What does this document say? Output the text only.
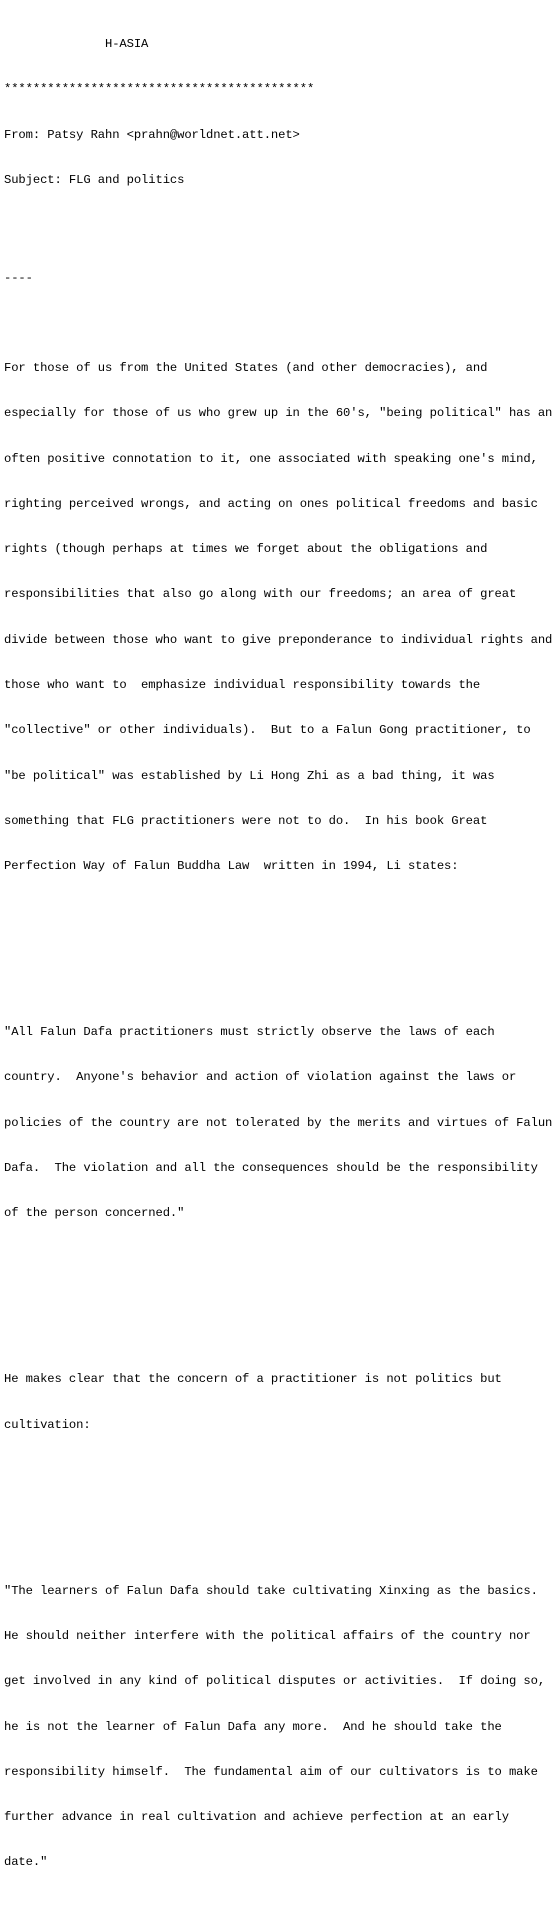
H-ASIA

*******************************************

From: Patsy Rahn <prahn@worldnet.att.net>

Subject: FLG and politics

----

For those of us from the United States (and other democracies), and

especially for those of us who grew up in the 60's, "being political" has an

often positive connotation to it, one associated with speaking one's mind,

righting perceived wrongs, and acting on ones political freedoms and basic

rights (though perhaps at times we forget about the obligations and

responsibilities that also go along with our freedoms; an area of great

divide between those who want to give preponderance to individual rights and

those who want to  emphasize individual responsibility towards the

"collective" or other individuals).  But to a Falun Gong practitioner, to

"be political" was established by Li Hong Zhi as a bad thing, it was

something that FLG practitioners were not to do.  In his book Great

Perfection Way of Falun Buddha Law  written in 1994, Li states:

"All Falun Dafa practitioners must strictly observe the laws of each

country.  Anyone's behavior and action of violation against the laws or

policies of the country are not tolerated by the merits and virtues of Falun

Dafa.  The violation and all the consequences should be the responsibility

of the person concerned."

He makes clear that the concern of a practitioner is not politics but

cultivation:

"The learners of Falun Dafa should take cultivating Xinxing as the basics.

He should neither interfere with the political affairs of the country nor

get involved in any kind of political disputes or activities.  If doing so,

he is not the learner of Falun Dafa any more.  And he should take the

responsibility himself.  The fundamental aim of our cultivators is to make

further advance in real cultivation and achieve perfection at an early

date."
